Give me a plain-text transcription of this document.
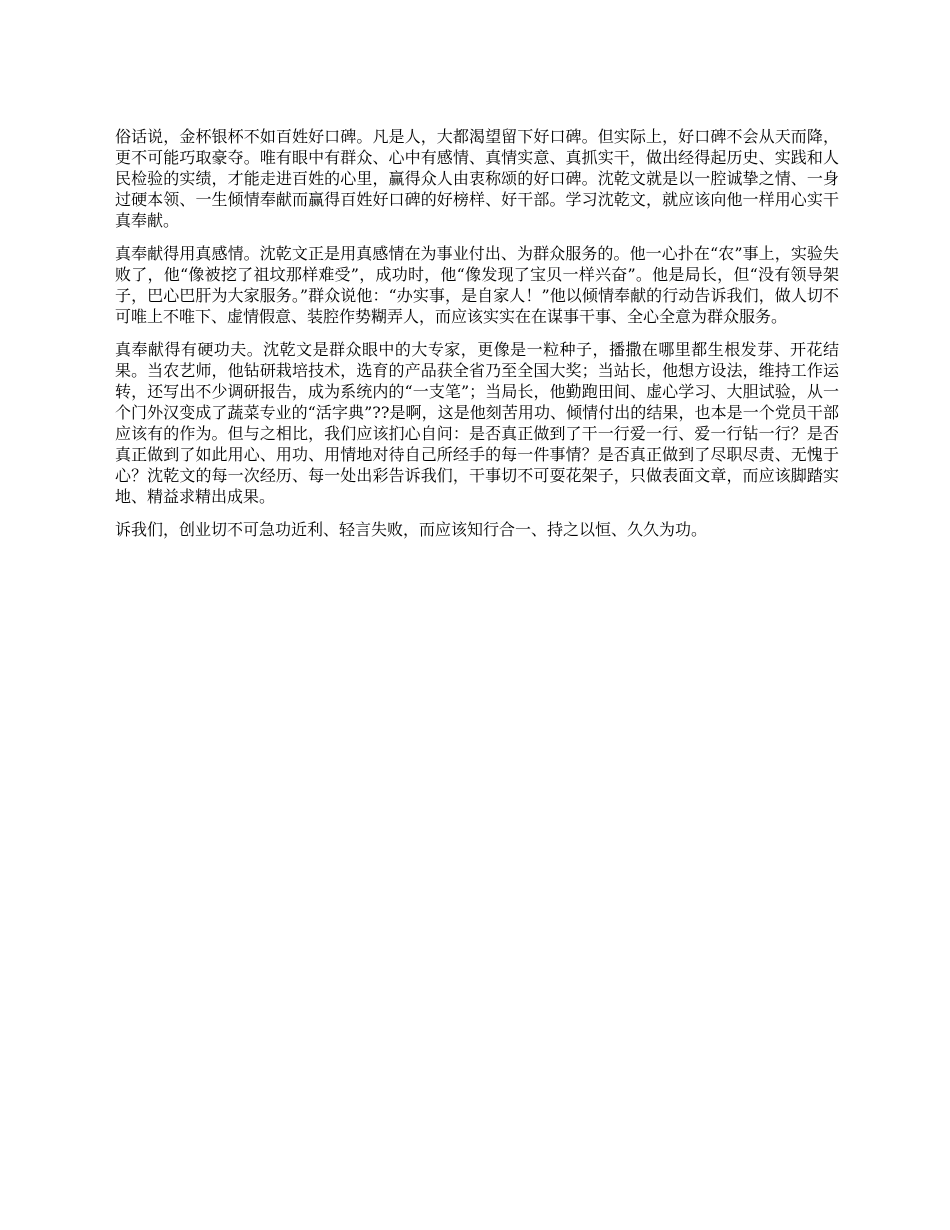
俗话说，金杯银杯不如百姓好口碑。凡是人，大都渴望留下好口碑。但实际上，好口碑不会从天而降，更不可能巧取豪夺。唯有眼中有群众、心中有感情、真情实意、真抓实干，做出经得起历史、实践和人民检验的实绩，才能走进百姓的心里，赢得众人由衷称颂的好口碑。沈乾文就是以一腔诚挚之情、一身过硬本领、一生倾情奉献而赢得百姓好口碑的好榜样、好干部。学习沈乾文，就应该向他一样用心实干真奉献。

真奉献得用真感情。沈乾文正是用真感情在为事业付出、为群众服务的。他一心扑在“农”事上，实验失败了，他“像被挖了祖坟那样难受”，成功时，他“像发现了宝贝一样兴奋”。他是局长，但“没有领导架子，巴心巴肝为大家服务。”群众说他：“办实事，是自家人！”他以倾情奉献的行动告诉我们，做人切不可唯上不唯下、虚情假意、装腔作势糊弄人，而应该实实在在谋事干事、全心全意为群众服务。

真奉献得有硬功夫。沈乾文是群众眼中的大专家，更像是一粒种子，播撒在哪里都生根发芽、开花结果。当农艺师，他钻研栽培技术，选育的产品获全省乃至全国大奖；当站长，他想方设法，维持工作运转，还写出不少调研报告，成为系统内的“一支笔”；当局长，他勤跑田间、虚心学习、大胆试验，从一个门外汉变成了蔬菜专业的“活字典”??是啊，这是他刻苦用功、倾情付出的结果，也本是一个党员干部应该有的作为。但与之相比，我们应该扪心自问：是否真正做到了干一行爱一行、爱一行钻一行？是否真正做到了如此用心、用功、用情地对待自己所经手的每一件事情？是否真正做到了尽职尽责、无愧于心？沈乾文的每一次经历、每一处出彩告诉我们，干事切不可耍花架子，只做表面文章，而应该脚踏实地、精益求精出成果。

诉我们，创业切不可急功近利、轻言失败，而应该知行合一、持之以恒、久久为功。
